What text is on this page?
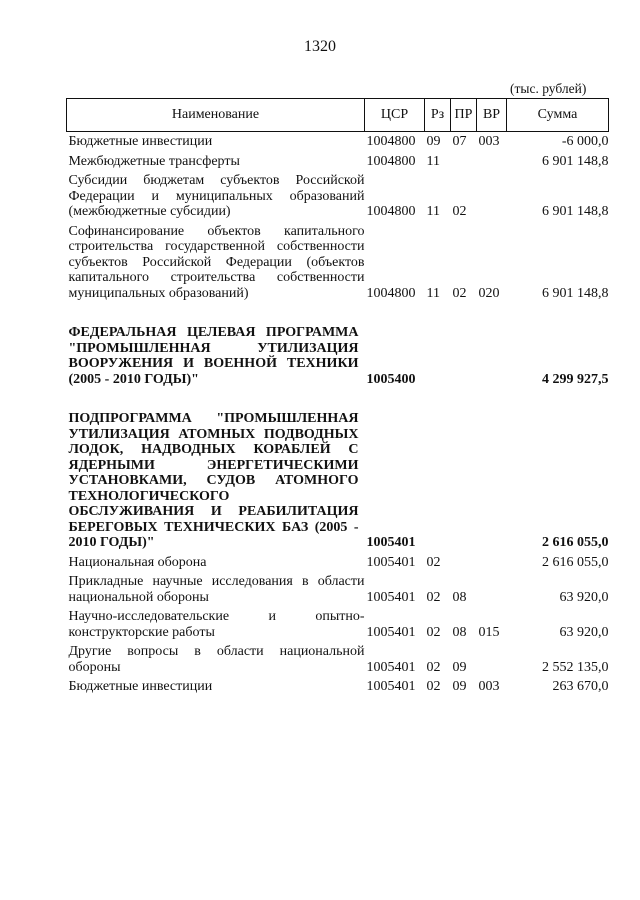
1320
(тыс. рублей)
Наименование	ЦСР	Рз	ПР	ВР	Сумма
Бюджетные инвестиции	1004800	09	07	003	-6 000,0
Межбюджетные трансферты	1004800	11			6 901 148,8
Субсидии бюджетам субъектов Российской Федерации и муниципальных образований (межбюджетные субсидии)	1004800	11	02		6 901 148,8
Софинансирование объектов капитального строительства государственной собственности субъектов Российской Федерации (объектов капитального строительства собственности муниципальных образований)	1004800	11	02	020	6 901 148,8
ФЕДЕРАЛЬНАЯ ЦЕЛЕВАЯ ПРОГРАММА "ПРОМЫШЛЕННАЯ УТИЛИЗАЦИЯ ВООРУЖЕНИЯ И ВОЕННОЙ ТЕХНИКИ (2005 - 2010 ГОДЫ)"	1005400				4 299 927,5
ПОДПРОГРАММА "ПРОМЫШЛЕННАЯ УТИЛИЗАЦИЯ АТОМНЫХ ПОДВОДНЫХ ЛОДОК, НАДВОДНЫХ КОРАБЛЕЙ С ЯДЕРНЫМИ ЭНЕРГЕТИЧЕСКИМИ УСТАНОВКАМИ, СУДОВ АТОМНОГО ТЕХНОЛОГИЧЕСКОГО ОБСЛУЖИВАНИЯ И РЕАБИЛИТАЦИЯ БЕРЕГОВЫХ ТЕХНИЧЕСКИХ БАЗ (2005 - 2010 ГОДЫ)"	1005401				2 616 055,0
Национальная оборона	1005401	02			2 616 055,0
Прикладные научные исследования в области национальной обороны	1005401	02	08		63 920,0
Научно-исследовательские и опытно-конструкторские работы	1005401	02	08	015	63 920,0
Другие вопросы в области национальной обороны	1005401	02	09		2 552 135,0
Бюджетные инвестиции	1005401	02	09	003	263 670,0
